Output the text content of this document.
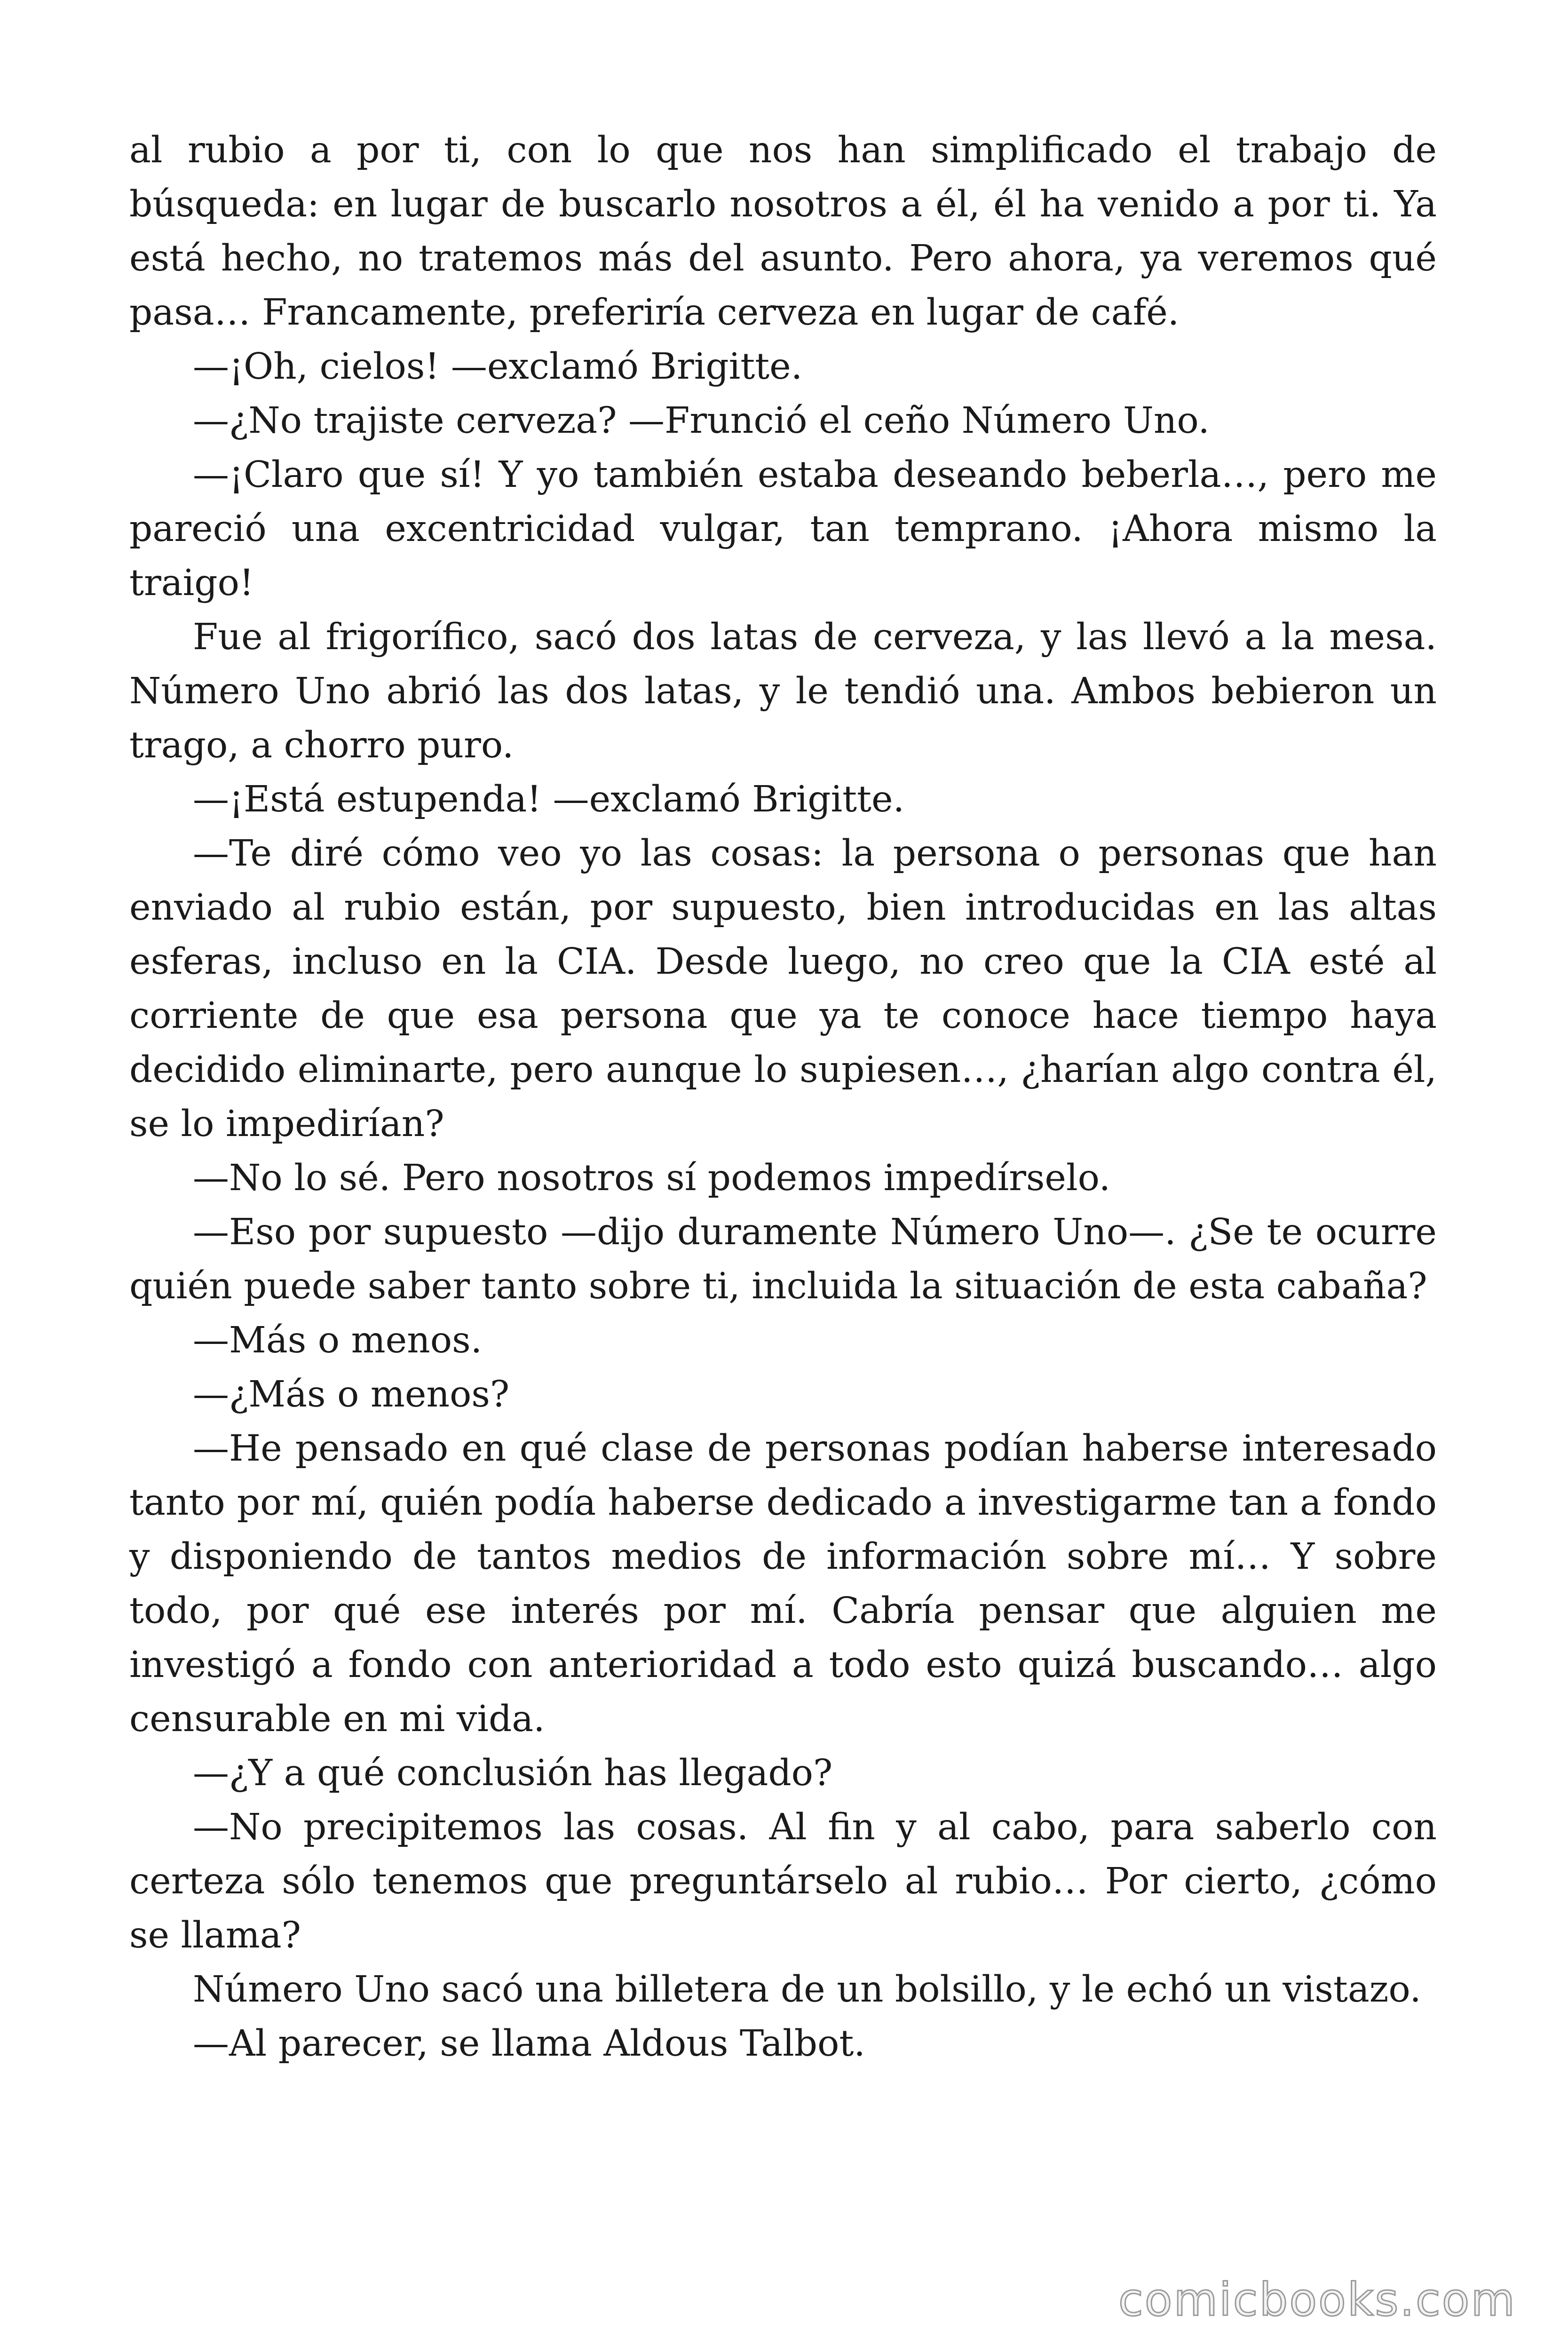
al rubio a por ti, con lo que nos han simplificado el trabajo de búsqueda: en lugar de buscarlo nosotros a él, él ha venido a por ti. Ya está hecho, no tratemos más del asunto. Pero ahora, ya veremos qué pasa… Francamente, preferiría cerveza en lugar de café.

—¡Oh, cielos! —exclamó Brigitte.

—¿No trajiste cerveza? —Frunció el ceño Número Uno.

—¡Claro que sí! Y yo también estaba deseando beberla…, pero me pareció una excentricidad vulgar, tan temprano. ¡Ahora mismo la traigo!

Fue al frigorífico, sacó dos latas de cerveza, y las llevó a la mesa. Número Uno abrió las dos latas, y le tendió una. Ambos bebieron un trago, a chorro puro.

—¡Está estupenda! —exclamó Brigitte.

—Te diré cómo veo yo las cosas: la persona o personas que han enviado al rubio están, por supuesto, bien introducidas en las altas esferas, incluso en la CIA. Desde luego, no creo que la CIA esté al corriente de que esa persona que ya te conoce hace tiempo haya decidido eliminarte, pero aunque lo supiesen…, ¿harían algo contra él, se lo impedirían?

—No lo sé. Pero nosotros sí podemos impedírselo.

—Eso por supuesto —dijo duramente Número Uno—. ¿Se te ocurre quién puede saber tanto sobre ti, incluida la situación de esta cabaña?

—Más o menos.

—¿Más o menos?

—He pensado en qué clase de personas podían haberse interesado tanto por mí, quién podía haberse dedicado a investigarme tan a fondo y disponiendo de tantos medios de información sobre mí… Y sobre todo, por qué ese interés por mí. Cabría pensar que alguien me investigó a fondo con anterioridad a todo esto quizá buscando… algo censurable en mi vida.

—¿Y a qué conclusión has llegado?

—No precipitemos las cosas. Al fin y al cabo, para saberlo con certeza sólo tenemos que preguntárselo al rubio… Por cierto, ¿cómo se llama?

Número Uno sacó una billetera de un bolsillo, y le echó un vistazo.

—Al parecer, se llama Aldous Talbot.

comicbooks.com
